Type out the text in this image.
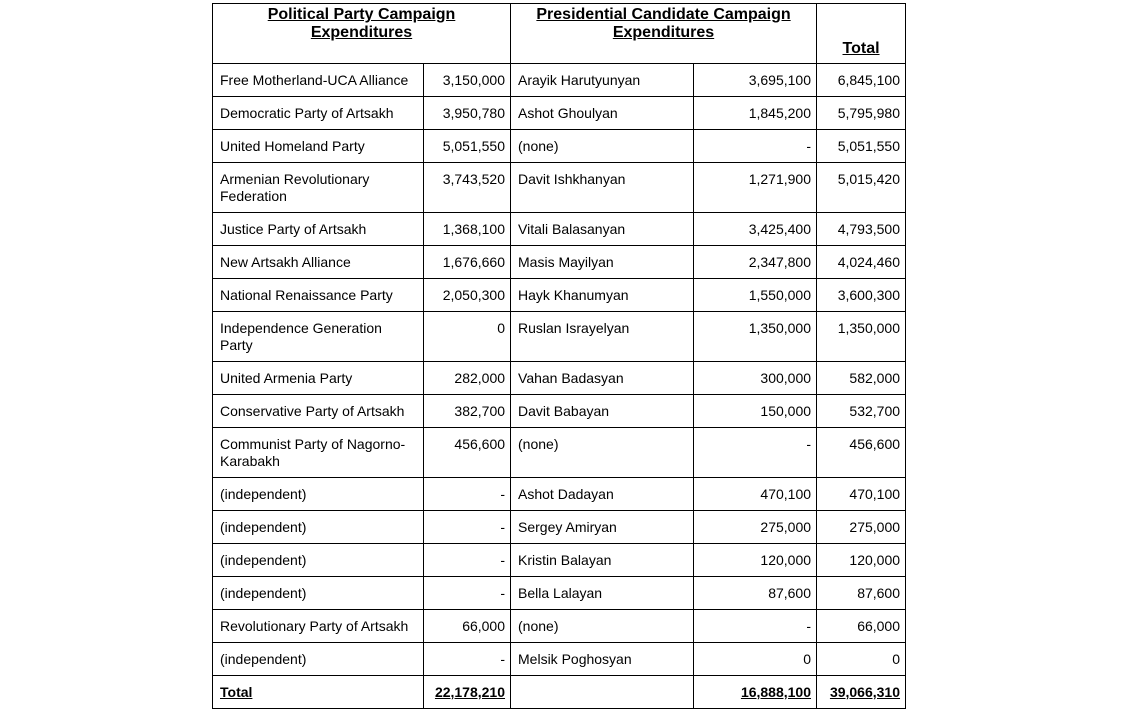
Political Party Campaign Expenditures		Presidential Candidate Campaign Expenditures		Total
Free Motherland-UCA Alliance	3,150,000	Arayik Harutyunyan	3,695,100	6,845,100
Democratic Party of Artsakh	3,950,780	Ashot Ghoulyan	1,845,200	5,795,980
United Homeland Party	5,051,550	(none)	-	5,051,550
Armenian Revolutionary Federation	3,743,520	Davit Ishkhanyan	1,271,900	5,015,420
Justice Party of Artsakh	1,368,100	Vitali Balasanyan	3,425,400	4,793,500
New Artsakh Alliance	1,676,660	Masis Mayilyan	2,347,800	4,024,460
National Renaissance Party	2,050,300	Hayk Khanumyan	1,550,000	3,600,300
Independence Generation Party	0	Ruslan Israyelyan	1,350,000	1,350,000
United Armenia Party	282,000	Vahan Badasyan	300,000	582,000
Conservative Party of Artsakh	382,700	Davit Babayan	150,000	532,700
Communist Party of Nagorno-Karabakh	456,600	(none)	-	456,600
(independent)	-	Ashot Dadayan	470,100	470,100
(independent)	-	Sergey Amiryan	275,000	275,000
(independent)	-	Kristin Balayan	120,000	120,000
(independent)	-	Bella Lalayan	87,600	87,600
Revolutionary Party of Artsakh	66,000	(none)	-	66,000
(independent)	-	Melsik Poghosyan	0	0
Total	22,178,210		16,888,100	39,066,310
